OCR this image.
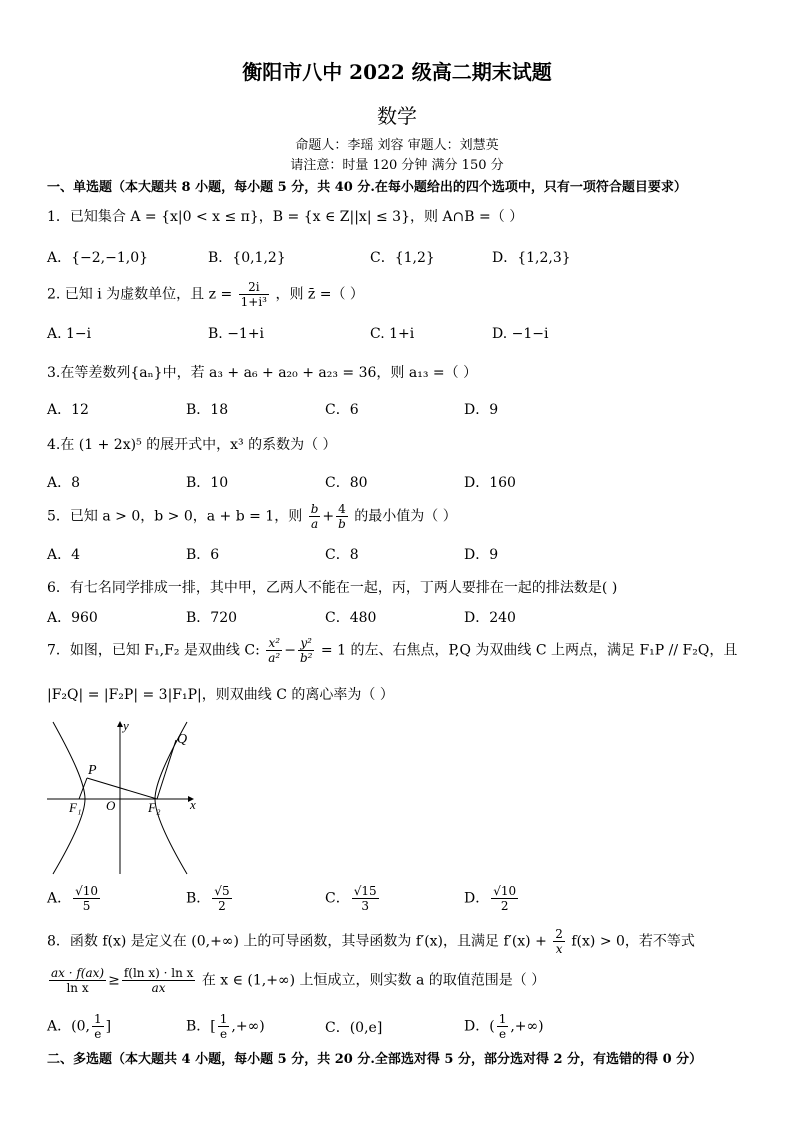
衡阳市八中 2022 级高二期末试题
数学
命题人：李瑶 刘容 审题人：刘慧英
请注意：时量 120 分钟 满分 150 分
一、单选题（本大题共 8 小题，每小题 5 分，共 40 分.在每小题给出的四个选项中，只有一项符合题目要求）
1．已知集合 A = {x|0 < x ≤ π}，B = {x ∈ Z||x| ≤ 3}，则 A∩B =（ ）
A．{−2,−1,0}	B．{0,1,2}	C．{1,2}	D．{1,2,3}
2. 已知 i 为虚数单位，且 $z = \frac{2i}{\text{1+i³}}$ ，则 z̄ =（ ）
A. 1−i	B. −1+i	C. 1+i	D. −1−i
3.在等差数列{aₙ}中，若 a₃ + a₆ + a₂₀ + a₂₃ = 36，则 a₁₃ =（ ）
A．12	B．18	C．6	D．9
4.在 (1 + 2x)⁵ 的展开式中，x³ 的系数为（ ）
A．8	B．10	C．80	D．160
5．已知 a > 0，b > 0，a + b = 1，则 $\frac{b}{a} + \frac{4}{b}$ 的最小值为（ ）
A．4	B．6	C．8	D．9
6．有七名同学排成一排，其中甲，乙两人不能在一起，丙，丁两人要排在一起的排法数是( )
A．960	B．720	C．480	D．240
7．如图，已知 F₁,F₂ 是双曲线 C: $\frac{\text{x²}}{\text{a²}} - \frac{\text{y²}}{\text{b²}} = 1$ 的左、右焦点，P,Q 为双曲线 C 上两点，满足 F₁P // F₂Q，且
|F₂Q| = |F₂P| = 3|F₁P|，则双曲线 C 的离心率为（ ）
y
Q
P
O
F₁	F₂ x
A． $\frac{√10}{5}$	B． $\frac{√5}{2}$	C． $\frac{√15}{3}$	D． $\frac{√10}{2}$
8．函数 f(x) 是定义在 (0,+∞) 上的可导函数，其导函数为 f′(x)，且满足 $f'(x) + \frac{2}{x} f(x) > 0$，若不等式
$\frac{ax \cdot f(ax)}{\text{ln x}} \ge \frac{\text{f(ln x) · ln x}}{ax}$ 在 x ∈ (1,+∞) 上恒成立，则实数 a 的取值范围是（ ）
A．(0, $\frac{1}{e}$ ]	B．[ $\frac{1}{e}$ ,+∞)	C．(0,e]	D．( $\frac{1}{e}$ ,+∞)
二、多选题（本大题共 4 小题，每小题 5 分，共 20 分.全部选对得 5 分，部分选对得 2 分，有选错的得 0 分）
